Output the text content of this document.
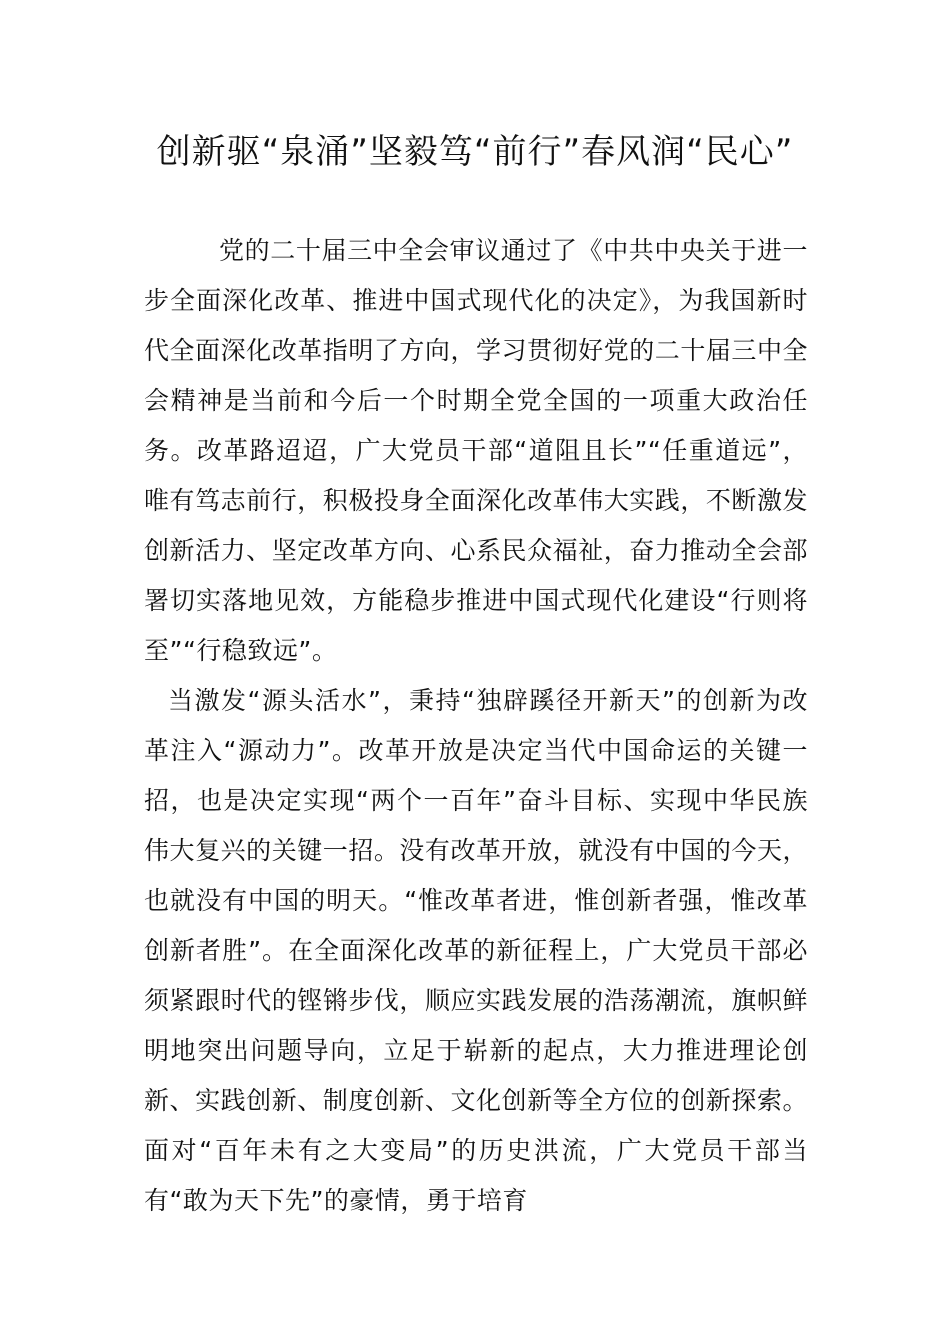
创新驱“泉涌”坚毅笃“前行”春风润“民心”

党的二十届三中全会审议通过了《中共中央关于进一步全面深化改革、推进中国式现代化的决定》，为我国新时代全面深化改革指明了方向，学习贯彻好党的二十届三中全会精神是当前和今后一个时期全党全国的一项重大政治任务。改革路迢迢，广大党员干部“道阻且长”“任重道远”，唯有笃志前行，积极投身全面深化改革伟大实践，不断激发创新活力、坚定改革方向、心系民众福祉，奋力推动全会部署切实落地见效，方能稳步推进中国式现代化建设“行则将至”“行稳致远”。

当激发“源头活水”，秉持“独辟蹊径开新天”的创新为改革注入“源动力”。改革开放是决定当代中国命运的关键一招，也是决定实现“两个一百年”奋斗目标、实现中华民族伟大复兴的关键一招。没有改革开放，就没有中国的今天，也就没有中国的明天。“惟改革者进，惟创新者强，惟改革创新者胜”。在全面深化改革的新征程上，广大党员干部必须紧跟时代的铿锵步伐，顺应实践发展的浩荡潮流，旗帜鲜明地突出问题导向，立足于崭新的起点，大力推进理论创新、实践创新、制度创新、文化创新等全方位的创新探索。面对“百年未有之大变局”的历史洪流，广大党员干部当有“敢为天下先”的豪情，勇于培育
